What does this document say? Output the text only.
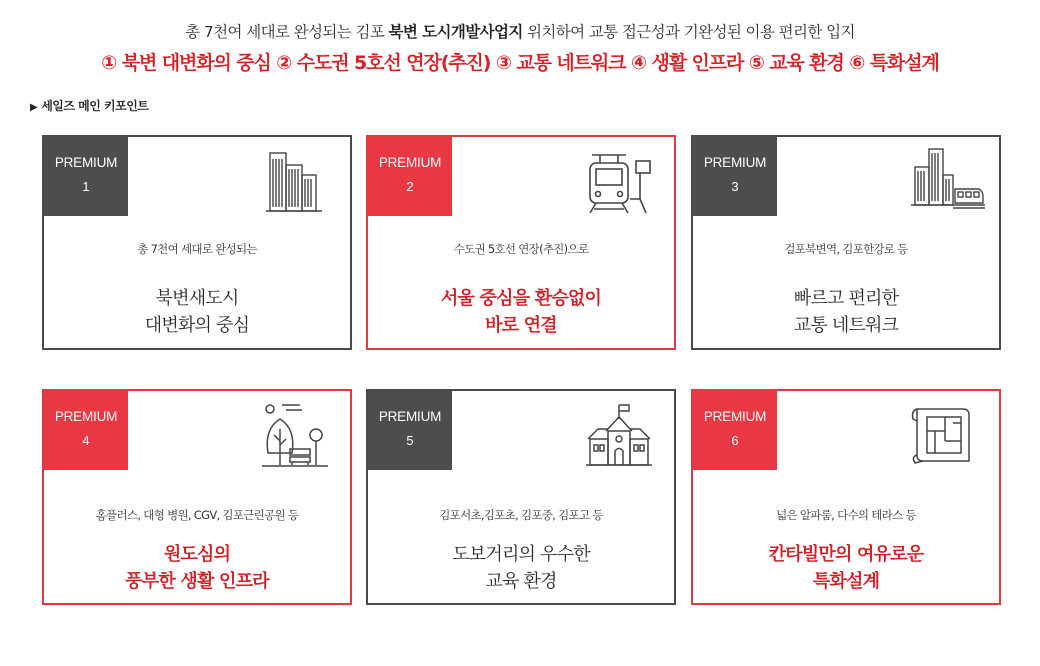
총 7천여 세대로 완성되는 김포 북변 도시개발사업지 위치하여 교통 접근성과 기완성된 이용 편리한 입지
① 북변 대변화의 중심 ② 수도권 5호선 연장(추진) ③ 교통 네트워크 ④ 생활 인프라 ⑤ 교육 환경 ⑥ 특화설계
▶ 세일즈 메인 키포인트
PREMIUM
1
총 7천여 세대로 완성되는
북변새도시
대변화의 중심
PREMIUM
2
수도권 5호선 연장(추진)으로
서울 중심을 환승없이
바로 연결
PREMIUM
3
걸포북변역, 김포한강로 등
빠르고 편리한
교통 네트워크
PREMIUM
4
홈플러스, 대형 병원, CGV, 김포근린공원 등
원도심의
풍부한 생활 인프라
PREMIUM
5
김포서초,김포초, 김포중, 김포고 등
도보거리의 우수한
교육 환경
PREMIUM
6
넓은 알파룸, 다수의 테라스 등
칸타빌만의 여유로운
특화설계
